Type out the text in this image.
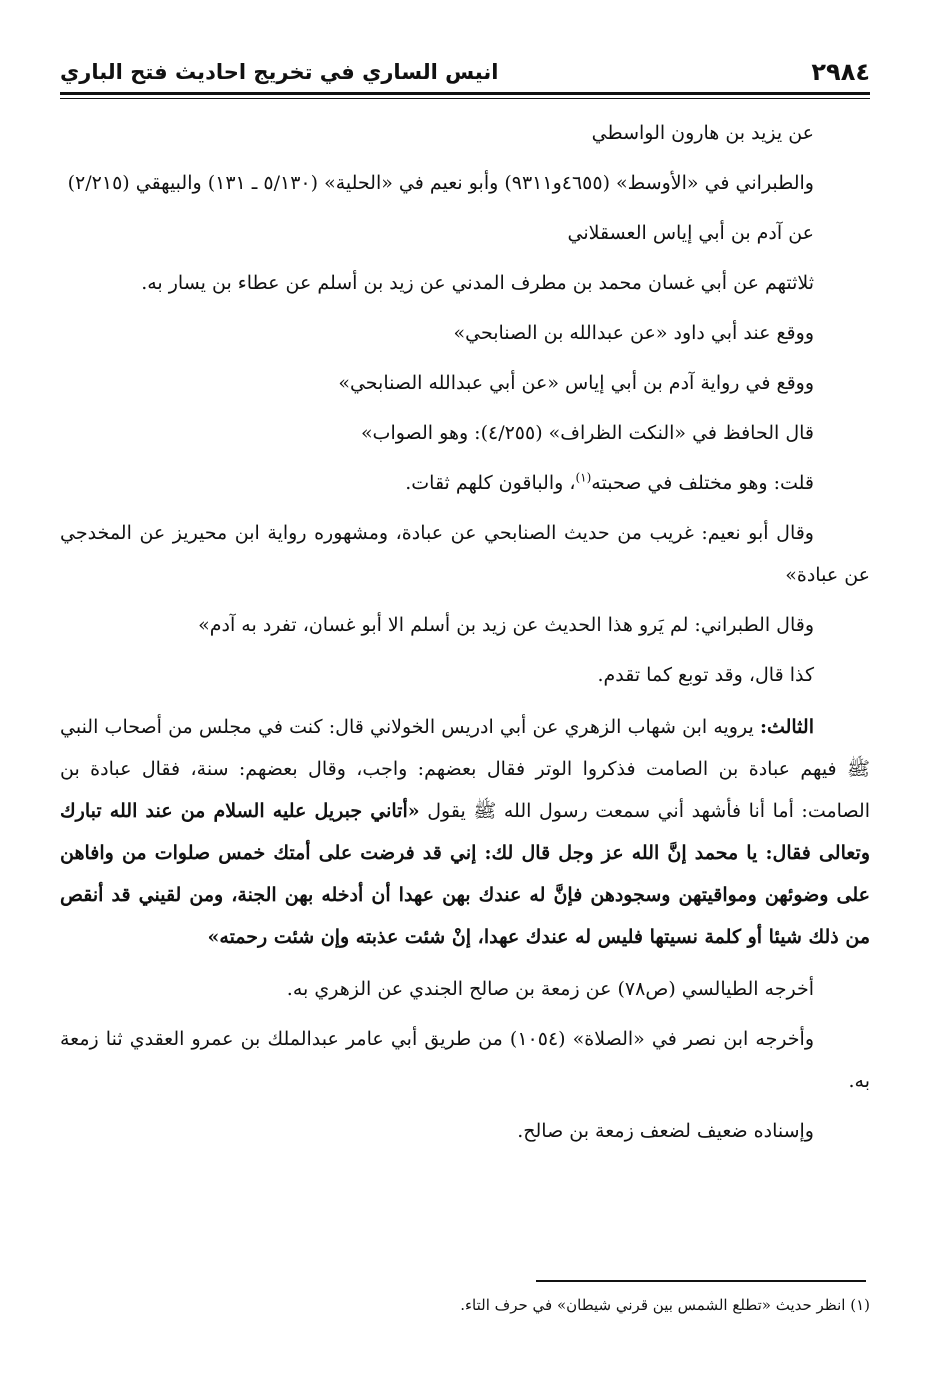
٢٩٨٤
انيس الساري في تخريج احاديث فتح الباري

عن يزيد بن هارون الواسطي

والطبراني في «الأوسط» (٤٦٥٥و٩٣١١) وأبو نعيم في «الحلية» (٥/١٣٠ ـ ١٣١) والبيهقي (٢/٢١٥)

عن آدم بن أبي إياس العسقلاني

ثلاثتهم عن أبي غسان محمد بن مطرف المدني عن زيد بن أسلم عن عطاء بن يسار به.

ووقع عند أبي داود «عن عبدالله بن الصنابحي»

ووقع في رواية آدم بن أبي إياس «عن أبي عبدالله الصنابحي»

قال الحافظ في «النكت الظراف» (٤/٢٥٥): وهو الصواب»

قلت: وهو مختلف في صحبته$^{(١)}$، والباقون كلهم ثقات.

وقال أبو نعيم: غريب من حديث الصنابحي عن عبادة، ومشهوره رواية ابن محيريز عن المخدجي عن عبادة»

وقال الطبراني: لم يَرو هذا الحديث عن زيد بن أسلم الا أبو غسان، تفرد به آدم»

كذا قال، وقد توبع كما تقدم.

الثالث: يرويه ابن شهاب الزهري عن أبي ادريس الخولاني قال: كنت في مجلس من أصحاب النبي ﷺ فيهم عبادة بن الصامت فذكروا الوتر فقال بعضهم: واجب، وقال بعضهم: سنة، فقال عبادة بن الصامت: أما أنا فأشهد أني سمعت رسول الله ﷺ يقول «أتاني جبريل عليه السلام من عند الله تبارك وتعالى فقال: يا محمد إنَّ الله عز وجل قال لك: إني قد فرضت على أمتك خمس صلوات من وافاهن على وضوئهن ومواقيتهن وسجودهن فإنَّ له عندك بهن عهدا أن أدخله بهن الجنة، ومن لقيني قد أنقص من ذلك شيئا أو كلمة نسيتها فليس له عندك عهدا، إنْ شئت عذبته وإن شئت رحمته»

أخرجه الطيالسي (ص٧٨) عن زمعة بن صالح الجندي عن الزهري به.

وأخرجه ابن نصر في «الصلاة» (١٠٥٤) من طريق أبي عامر عبدالملك بن عمرو العقدي ثنا زمعة به.

وإسناده ضعيف لضعف زمعة بن صالح.

(١) انظر حديث «تطلع الشمس بين قرني شيطان» في حرف التاء.
